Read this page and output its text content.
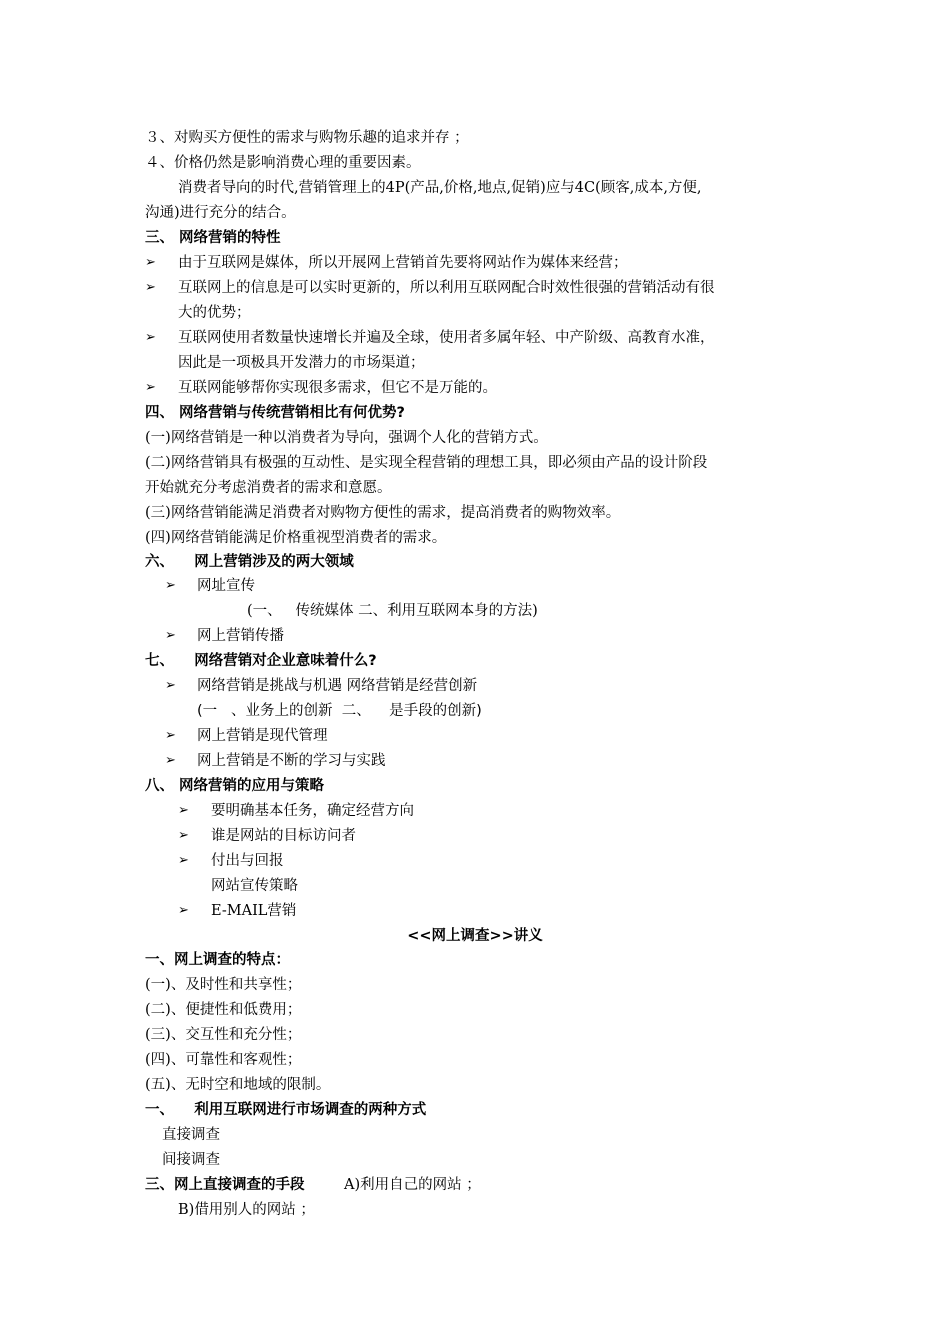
３、对购买方便性的需求与购物乐趣的追求并存 ；
４、价格仍然是影响消费心理的重要因素。
消费者导向的时代,营销管理上的4P(产品,价格,地点,促销)应与4C(顾客,成本,方便,
沟通)进行充分的结合。
三、 网络营销的特性
➢ 由于互联网是媒体，所以开展网上营销首先要将网站作为媒体来经营；
➢ 互联网上的信息是可以实时更新的，所以利用互联网配合时效性很强的营销活动有很
大的优势；
➢ 互联网使用者数量快速增长并遍及全球，使用者多属年轻、中产阶级、高教育水准，
因此是一项极具开发潜力的市场渠道；
➢ 互联网能够帮你实现很多需求，但它不是万能的。
四、 网络营销与传统营销相比有何优势?
(一)网络营销是一种以消费者为导向，强调个人化的营销方式。
(二)网络营销具有极强的互动性、是实现全程营销的理想工具，即必须由产品的设计阶段
开始就充分考虑消费者的需求和意愿。
(三)网络营销能满足消费者对购物方便性的需求，提高消费者的购物效率。
(四)网络营销能满足价格重视型消费者的需求。
六、    网上营销涉及的两大领域
➢ 网址宣传
(一、   传统媒体 二、利用互联网本身的方法)
➢ 网上营销传播
七、    网络营销对企业意味着什么?
➢ 网络营销是挑战与机遇 网络营销是经营创新
(一   、业务上的创新  二、    是手段的创新)
➢ 网上营销是现代管理
➢ 网上营销是不断的学习与实践
八、 网络营销的应用与策略
➢ 要明确基本任务，确定经营方向
➢ 谁是网站的目标访问者
➢ 付出与回报
网站宣传策略
➢ E-MAIL营销
<<网上调查>>讲义
一、网上调查的特点：
(一)、及时性和共享性；
(二)、便捷性和低费用；
(三)、交互性和充分性；
(四)、可靠性和客观性；
(五)、无时空和地域的限制。
一、    利用互联网进行市场调查的两种方式
直接调查
间接调查
三、网上直接调查的手段	A)利用自己的网站 ；
B)借用别人的网站 ；
